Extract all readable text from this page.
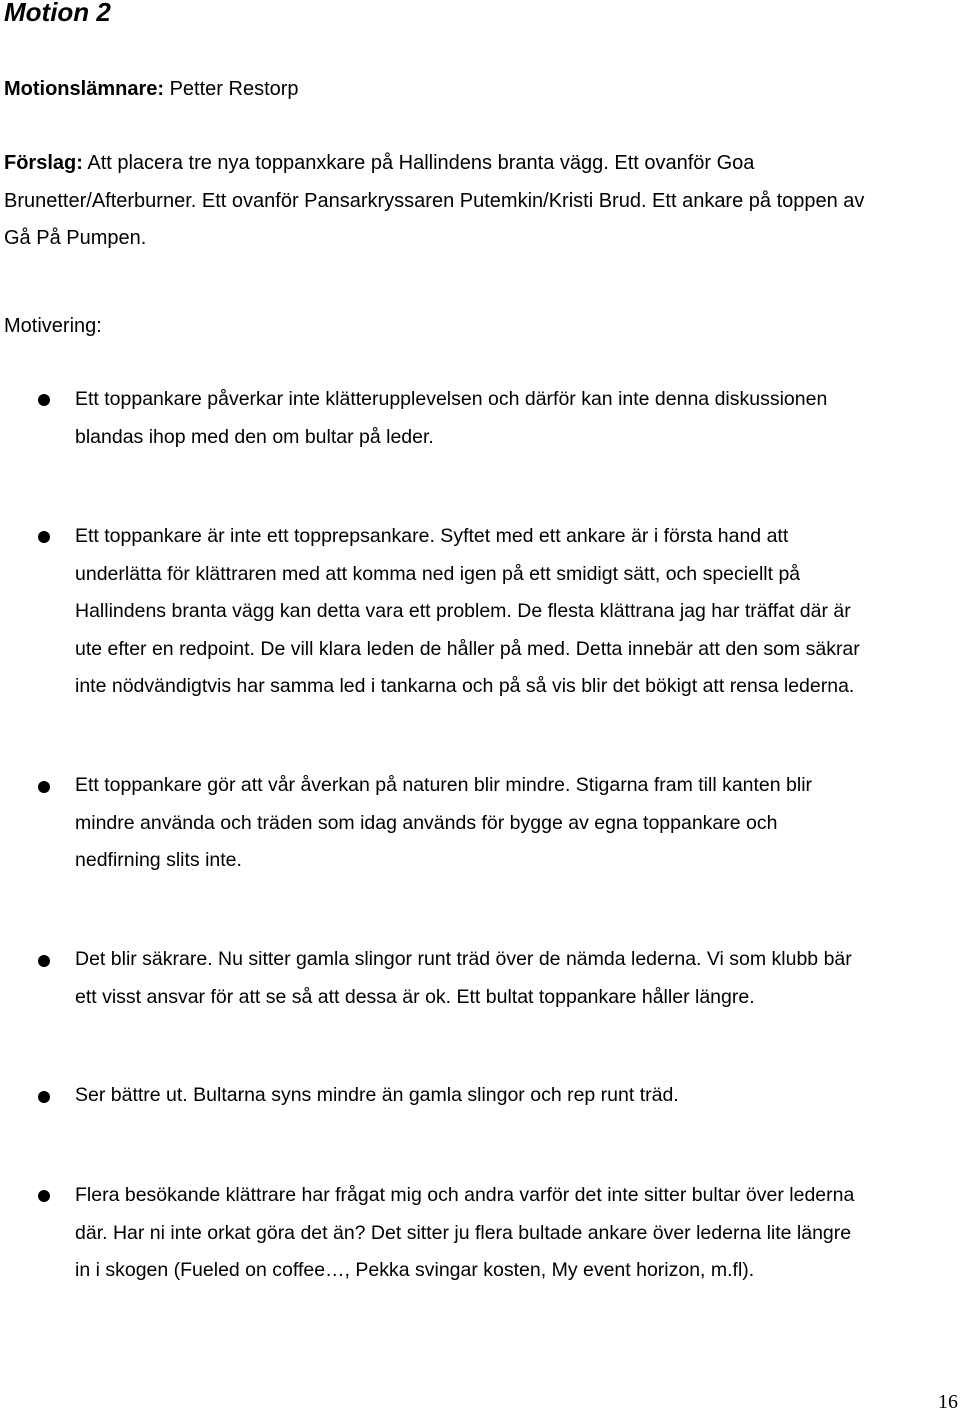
Motion 2
Motionslämnare: Petter Restorp
Förslag: Att placera tre nya toppanxkare på Hallindens branta vägg. Ett ovanför Goa
Brunetter/Afterburner. Ett ovanför Pansarkryssaren Putemkin/Kristi Brud. Ett ankare på toppen av
Gå På Pumpen.
Motivering:
Ett toppankare påverkar inte klätterupplevelsen och därför kan inte denna diskussionen
blandas ihop med den om bultar på leder.
Ett toppankare är inte ett topprepsankare. Syftet med ett ankare är i första hand att
underlätta för klättraren med att komma ned igen på ett smidigt sätt, och speciellt på
Hallindens branta vägg kan detta vara ett problem. De flesta klättrana jag har träffat där är
ute efter en redpoint. De vill klara leden de håller på med. Detta innebär att den som säkrar
inte nödvändigtvis har samma led i tankarna och på så vis blir det bökigt att rensa lederna.
Ett toppankare gör att vår åverkan på naturen blir mindre. Stigarna fram till kanten blir
mindre använda och träden som idag används för bygge av egna toppankare och
nedfirning slits inte.
Det blir säkrare. Nu sitter gamla slingor runt träd över de nämda lederna. Vi som klubb bär
ett visst ansvar för att se så att dessa är ok. Ett bultat toppankare håller längre.
Ser bättre ut. Bultarna syns mindre än gamla slingor och rep runt träd.
Flera besökande klättrare har frågat mig och andra varför det inte sitter bultar över lederna
där. Har ni inte orkat göra det än? Det sitter ju flera bultade ankare över lederna lite längre
in i skogen (Fueled on coffee…, Pekka svingar kosten, My event horizon, m.fl).
16
